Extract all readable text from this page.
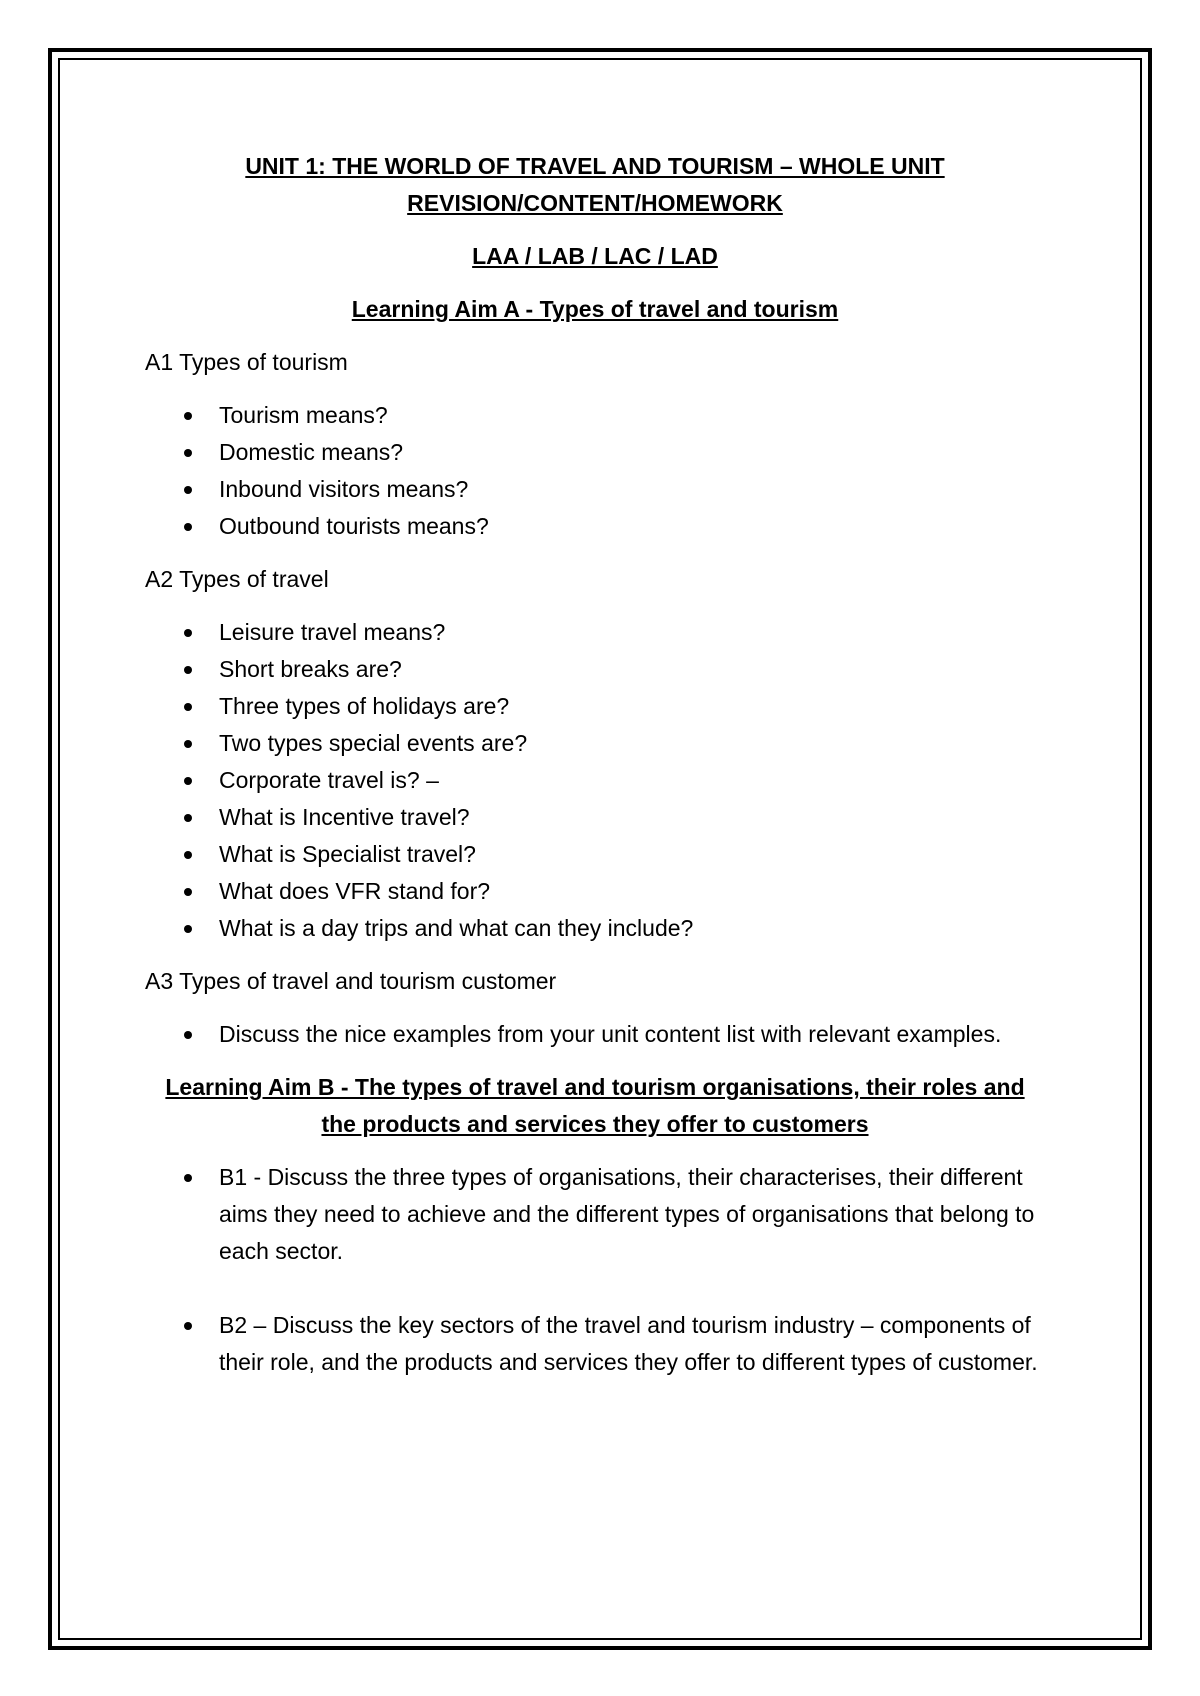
UNIT 1: THE WORLD OF TRAVEL AND TOURISM – WHOLE UNIT REVISION/CONTENT/HOMEWORK

LAA / LAB / LAC / LAD

Learning Aim A - Types of travel and tourism

A1 Types of tourism

Tourism means?
Domestic means?
Inbound visitors means?
Outbound tourists means?

A2 Types of travel

Leisure travel means?
Short breaks are?
Three types of holidays are?
Two types special events are?
Corporate travel is? –
What is Incentive travel?
What is Specialist travel?
What does VFR stand for?
What is a day trips and what can they include?

A3 Types of travel and tourism customer

Discuss the nice examples from your unit content list with relevant examples.

Learning Aim B - The types of travel and tourism organisations, their roles and the products and services they offer to customers

B1 - Discuss the three types of organisations, their characterises, their different aims they need to achieve and the different types of organisations that belong to each sector.
B2 – Discuss the key sectors of the travel and tourism industry – components of their role, and the products and services they offer to different types of customer.
